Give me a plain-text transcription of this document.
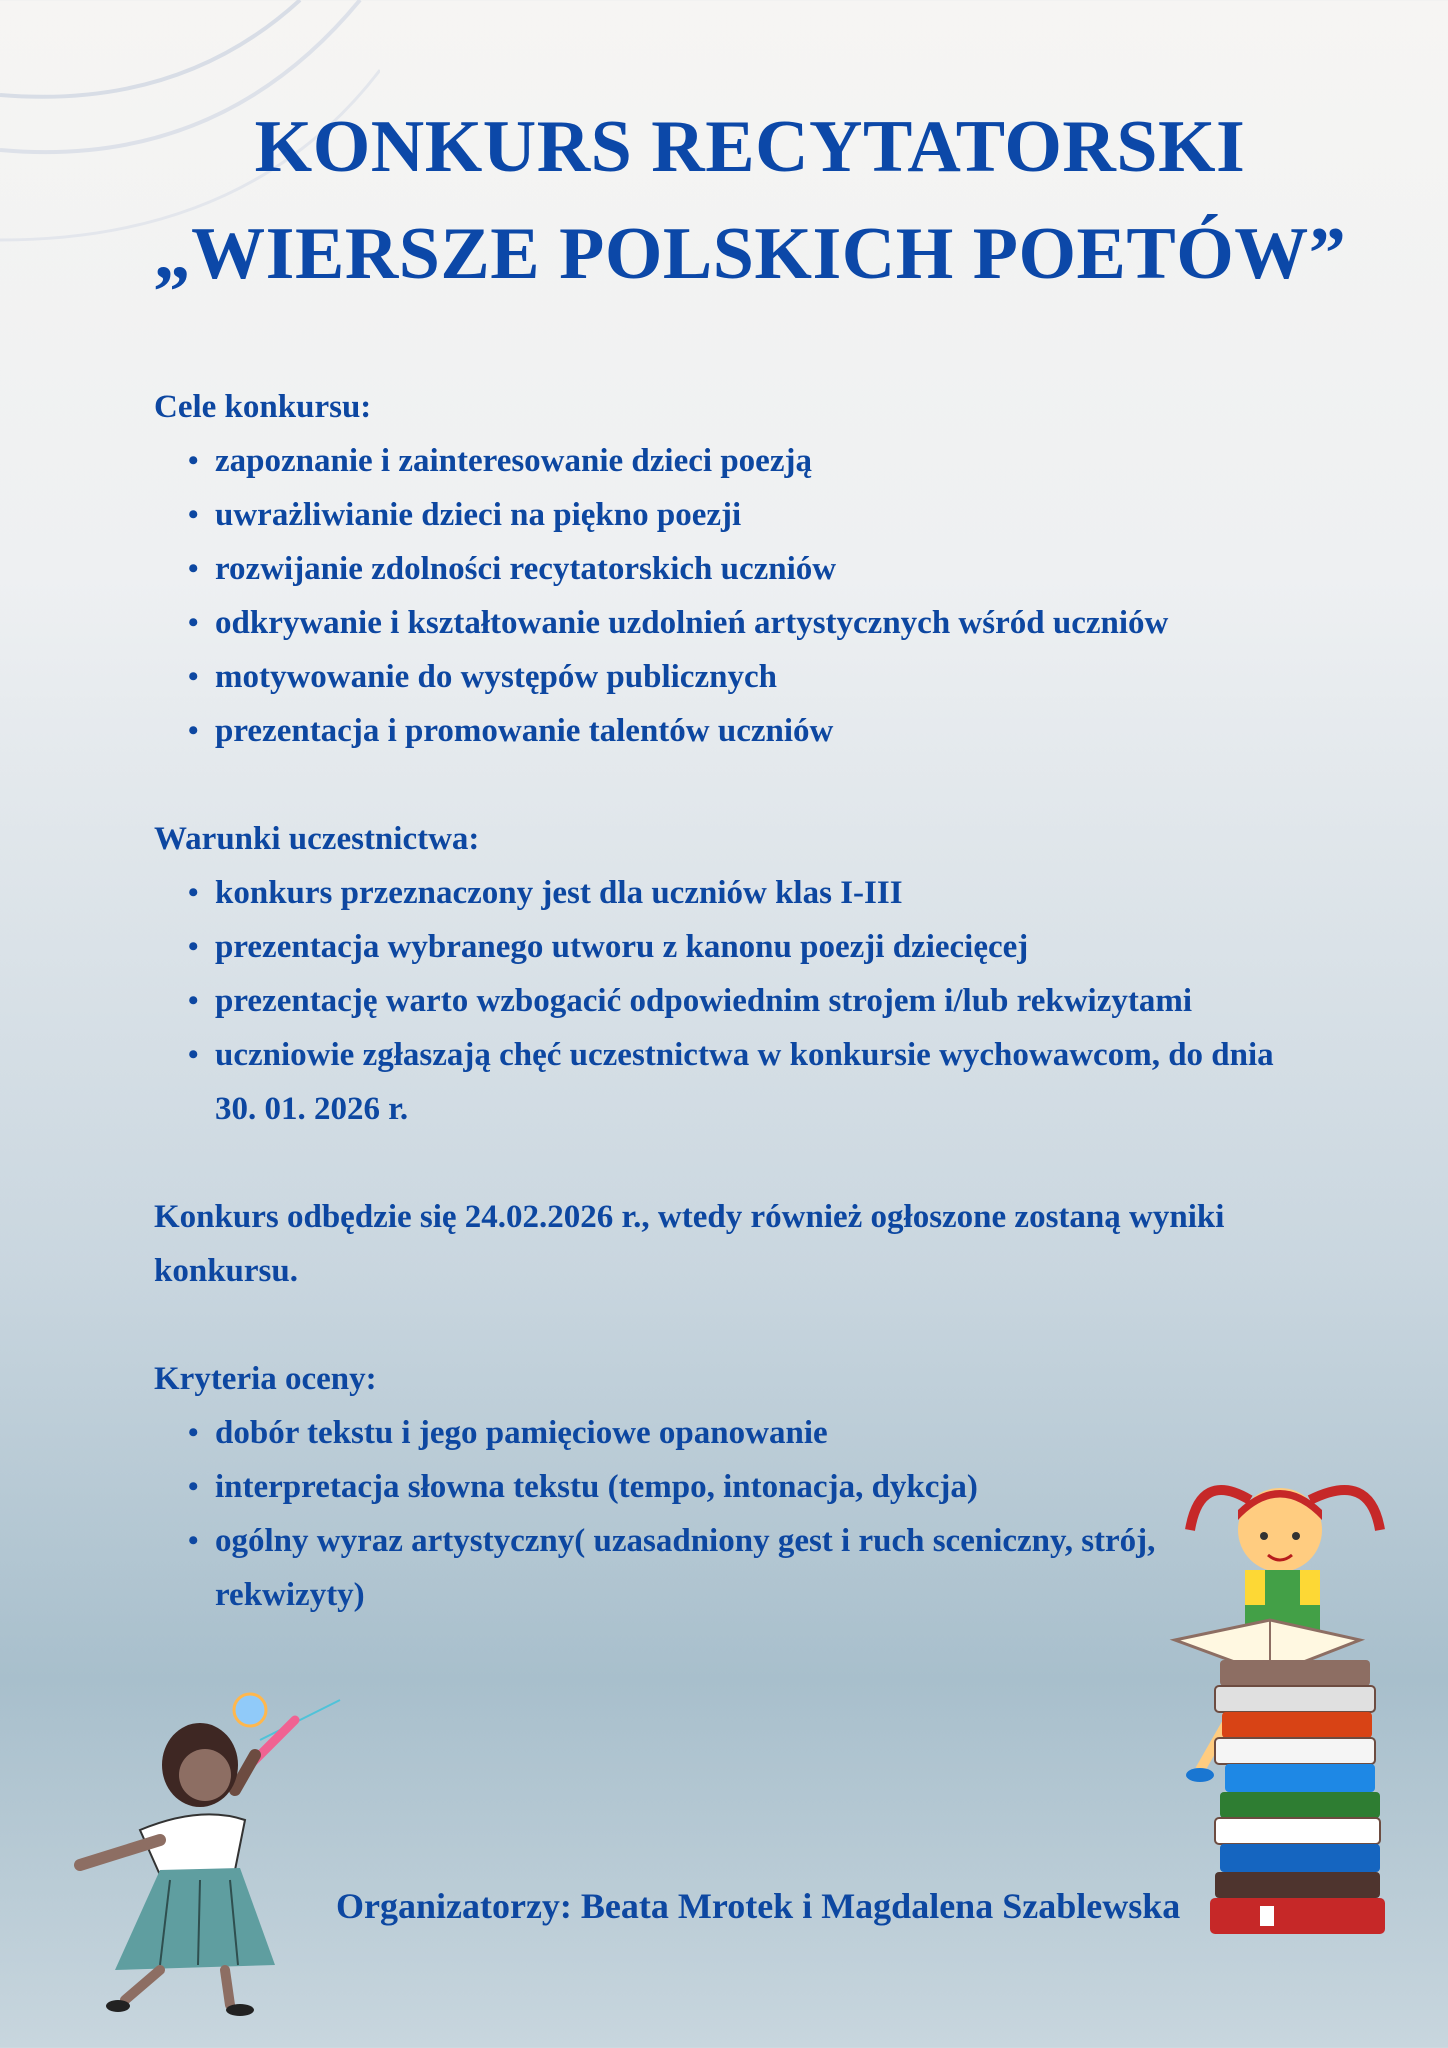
KONKURS RECYTATORSKI
„WIERSZE POLSKICH POETÓW”

Cele konkursu:

• zapoznanie i zainteresowanie dzieci poezją
• uwrażliwianie dzieci na piękno poezji
• rozwijanie zdolności recytatorskich uczniów
• odkrywanie i kształtowanie uzdolnień artystycznych wśród uczniów
• motywowanie do występów publicznych
• prezentacja i promowanie talentów uczniów

Warunki uczestnictwa:

• konkurs przeznaczony jest dla uczniów klas I-III
• prezentacja wybranego utworu z kanonu poezji dziecięcej
• prezentację warto wzbogacić odpowiednim strojem i/lub rekwizytami
• uczniowie zgłaszają chęć uczestnictwa w konkursie wychowawcom, do dnia 30. 01. 2026 r.

Konkurs odbędzie się 24.02.2026 r., wtedy również ogłoszone zostaną wyniki konkursu.

Kryteria oceny:

• dobór tekstu i jego pamięciowe opanowanie
• interpretacja słowna tekstu (tempo, intonacja, dykcja)
• ogólny wyraz artystyczny( uzasadniony gest i ruch sceniczny, strój, rekwizyty)
Organizatorzy: Beata Mrotek i Magdalena Szablewska
